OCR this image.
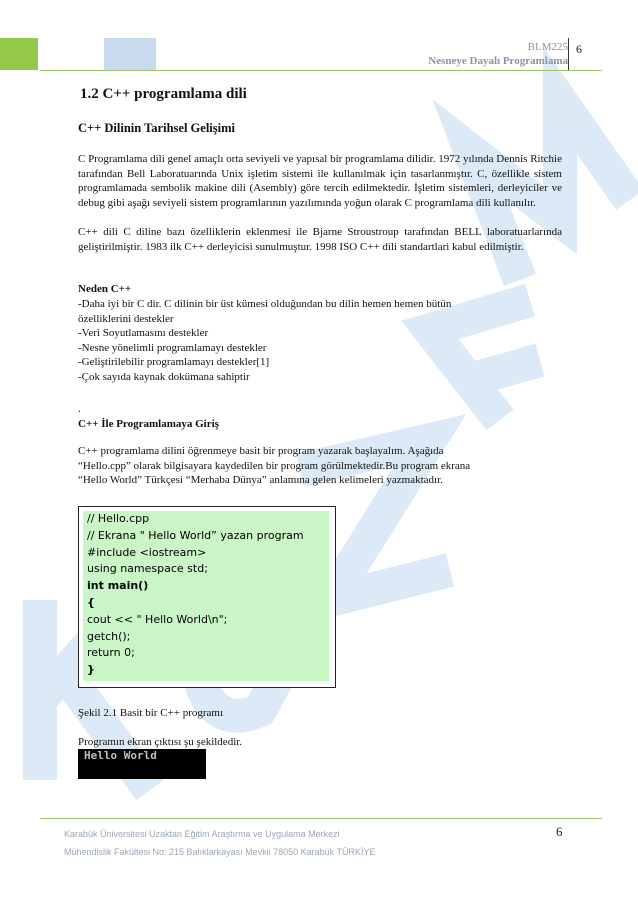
BLM225
Nesneye Dayalı Programlama
6
1.2 C++ programlama dili
C++ Dilinin Tarihsel Gelişimi
C Programlama dili genel amaçlı orta seviyeli ve yapısal bir programlama dilidir. 1972 yılında Dennis Ritchie tarafından Bell Laboratuarında Unix işletim sistemi ile kullanılmak için tasarlanmıştır. C, özellikle sistem programlamada sembolik makine dili (Asembly) göre tercih edilmektedir. İşletim sistemleri, derleyiciler ve debug gibi aşağı seviyeli sistem programlarının yazılımında yoğun olarak C programlama dili kullanılır.
C++ dili C diline bazı özelliklerin eklenmesi ile Bjarne Stroustroup tarafından BELL laboratuarlarında geliştirilmiştir. 1983 ilk C++ derleyicisi sunulmuştur. 1998 ISO C++ dili standartlari kabul edilmiştir.
Neden C++
-Daha iyi bir C dir. C dilinin bir üst kümesi olduğundan bu dilin hemen hemen bütün
özelliklerini destekler
-Veri Soyutlamasını destekler
-Nesne yönelimli programlamayı destekler
-Geliştirilebilir programlamayı destekler[1]
-Çok sayıda kaynak dokümana sahiptir
.
C++ İle Programlamaya Giriş
C++ programlama dilini öğrenmeye basit bir program yazarak başlayalım. Aşağıda
“Hello.cpp” olarak bilgisayara kaydedilen bir program görülmektedir.Bu program ekrana
“Hello World” Türkçesi “Merhaba Dünya” anlamına gelen kelimeleri yazmaktadır.
// Hello.cpp
// Ekrana " Hello World” yazan program
#include <iostream>
using namespace std;
int main()
{
cout << " Hello World\n";
getch();
return 0;
}
Şekil 2.1 Basit bir C++ programı
Programın ekran çıktısı şu şekildedir.
Hello World
Karabük Üniversitesi Uzaktan Eğitim Araştırma ve Uygulama Merkezi
Mühendislik Fakültesi No: 215 Balıklarkayası Mevkii 78050 Karabük TÜRKİYE
6
